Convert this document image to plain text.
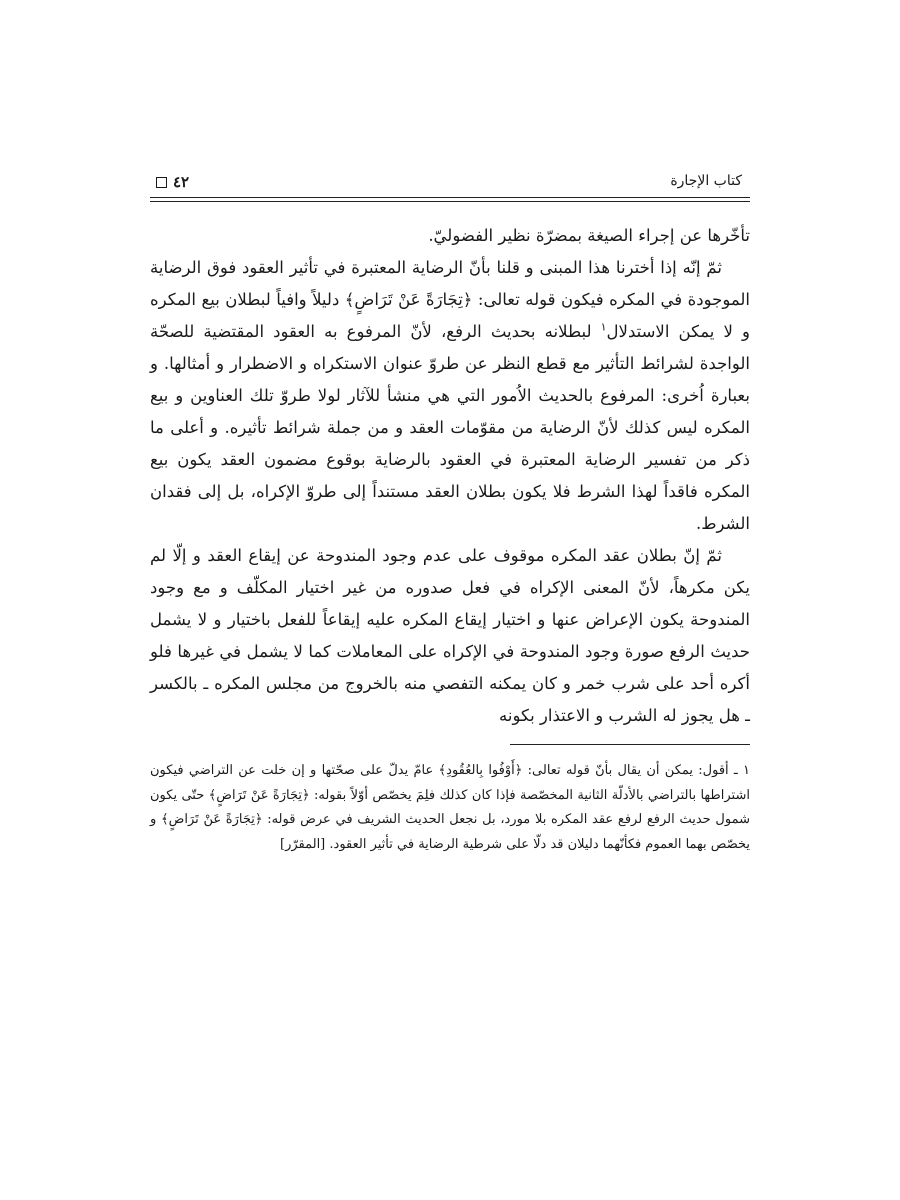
٤٢	كتاب الإجارة

تأخّرها عن إجراء الصيغة بمضرّة نظير الفضوليّ.

ثمّ إنّه إذا أخترنا هذا المبنى و قلنا بأنّ الرضاية المعتبرة في تأثير العقود فوق الرضاية الموجودة في المكره فيكون قوله تعالى: ﴿تِجَارَةً عَنْ تَرَاضٍ﴾ دليلاً وافياً لبطلان بيع المكره و لا يمكن الاستدلال$^١$ لبطلانه بحديث الرفع، لأنّ المرفوع به العقود المقتضية للصحّة الواجدة لشرائط التأثير مع قطع النظر عن طروّ عنوان الاستكراه و الاضطرار و أمثالها. و بعبارة اُخرى: المرفوع بالحديث الاُمور التي هي منشأ للآثار لولا طروّ تلك العناوين و بيع المكره ليس كذلك لأنّ الرضاية من مقوّمات العقد و من جملة شرائط تأثيره. و أعلى ما ذكر من تفسير الرضاية المعتبرة في العقود بالرضاية بوقوع مضمون العقد يكون بيع المكره فاقداً لهذا الشرط فلا يكون بطلان العقد مستنداً إلى طروّ الإكراه، بل إلى فقدان الشرط.

ثمّ إنّ بطلان عقد المكره موقوف على عدم وجود المندوحة عن إيقاع العقد و إلّا لم يكن مكرهاً، لأنّ المعنى الإكراه في فعل صدوره من غير اختيار المكلّف و مع وجود المندوحة يكون الإعراض عنها و اختيار إيقاع المكره عليه إيقاعاً للفعل باختيار و لا يشمل حديث الرفع صورة وجود المندوحة في الإكراه على المعاملات كما لا يشمل في غيرها فلو أكره أحد على شرب خمر و كان يمكنه التفصي منه بالخروج من مجلس المكره ـ بالكسر ـ هل يجوز له الشرب و الاعتذار بكونه

١ ـ أقول: يمكن أن يقال بأنّ قوله تعالى: ﴿أَوْفُوا بِالعُقُودِ﴾ عامّ يدلّ على صحّتها و إن خلت عن التراضي فيكون اشتراطها بالتراضي بالأدلّة الثانية المخصّصة فإذا كان كذلك فلِمَ يخصّص أوّلاً بقوله: ﴿تِجَارَةً عَنْ تَرَاضٍ﴾ حتّى يكون شمول حديث الرفع لرفع عقد المكره بلا مورد، بل نجعل الحديث الشريف في عرض قوله: ﴿تِجَارَةً عَنْ تَرَاضٍ﴾ و يخصّص بهما العموم فكأنّهما دليلان قد دلّا على شرطية الرضاية في تأثير العقود. [المقرّر]
